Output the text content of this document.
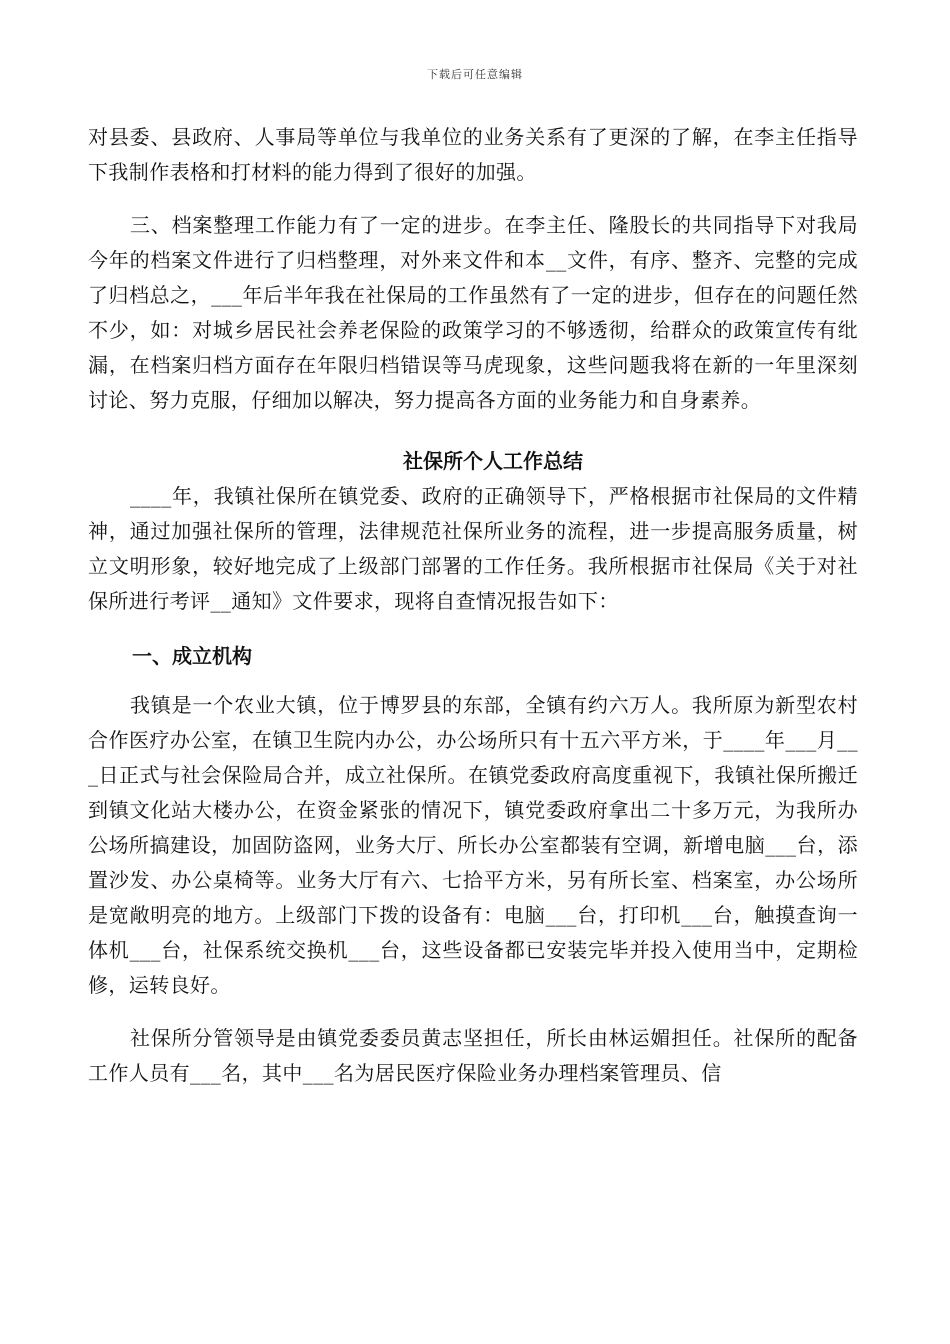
下载后可任意编辑

对县委、县政府、人事局等单位与我单位的业务关系有了更深的了解，在李主任指导下我制作表格和打材料的能力得到了很好的加强。

三、档案整理工作能力有了一定的进步。在李主任、隆股长的共同指导下对我局今年的档案文件进行了归档整理，对外来文件和本__文件，有序、整齐、完整的完成了归档总之，___年后半年我在社保局的工作虽然有了一定的进步，但存在的问题任然不少，如：对城乡居民社会养老保险的政策学习的不够透彻，给群众的政策宣传有纰漏，在档案归档方面存在年限归档错误等马虎现象，这些问题我将在新的一年里深刻讨论、努力克服，仔细加以解决，努力提高各方面的业务能力和自身素养。

社保所个人工作总结

____年，我镇社保所在镇党委、政府的正确领导下，严格根据市社保局的文件精神，通过加强社保所的管理，法律规范社保所业务的流程，进一步提高服务质量，树立文明形象，较好地完成了上级部门部署的工作任务。我所根据市社保局《关于对社保所进行考评__通知》文件要求，现将自查情况报告如下：

一、成立机构

我镇是一个农业大镇，位于博罗县的东部，全镇有约六万人。我所原为新型农村合作医疗办公室，在镇卫生院内办公，办公场所只有十五六平方米，于____年___月___日正式与社会保险局合并，成立社保所。在镇党委政府高度重视下，我镇社保所搬迁到镇文化站大楼办公，在资金紧张的情况下，镇党委政府拿出二十多万元，为我所办公场所搞建设，加固防盗网，业务大厅、所长办公室都装有空调，新增电脑___台，添置沙发、办公桌椅等。业务大厅有六、七拾平方米，另有所长室、档案室，办公场所是宽敞明亮的地方。上级部门下拨的设备有：电脑___台，打印机___台，触摸查询一体机___台，社保系统交换机___台，这些设备都已安装完毕并投入使用当中，定期检修，运转良好。

社保所分管领导是由镇党委委员黄志坚担任，所长由林运媚担任。社保所的配备工作人员有___名，其中___名为居民医疗保险业务办理档案管理员、信
